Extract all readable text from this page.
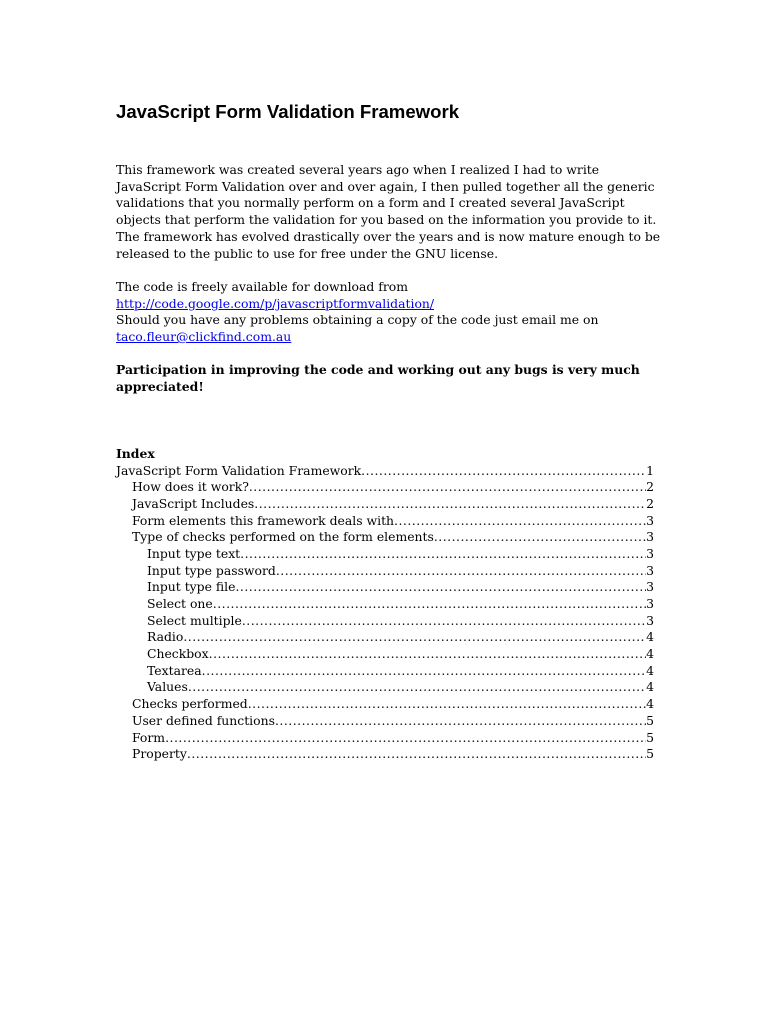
JavaScript Form Validation Framework

This framework was created several years ago when I realized I had to write
JavaScript Form Validation over and over again, I then pulled together all the generic
validations that you normally perform on a form and I created several JavaScript
objects that perform the validation for you based on the information you provide to it.
The framework has evolved drastically over the years and is now mature enough to be
released to the public to use for free under the GNU license.

The code is freely available for download from
http://code.google.com/p/javascriptformvalidation/
Should you have any problems obtaining a copy of the code just email me on
taco.fleur@clickfind.com.au

Participation in improving the code and working out any bugs is very much
appreciated!

Index
JavaScript Form Validation Framework .....	1
How does it work? .....	2
JavaScript Includes .....	2
Form elements this framework deals with .....	3
Type of checks performed on the form elements .....	3
Input type text .....	3
Input type password .....	3
Input type file .....	3
Select one .....	3
Select multiple .....	3
Radio .....	4
Checkbox .....	4
Textarea .....	4
Values .....	4
Checks performed .....	4
User defined functions .....	5
Form .....	5
Property .....	5
